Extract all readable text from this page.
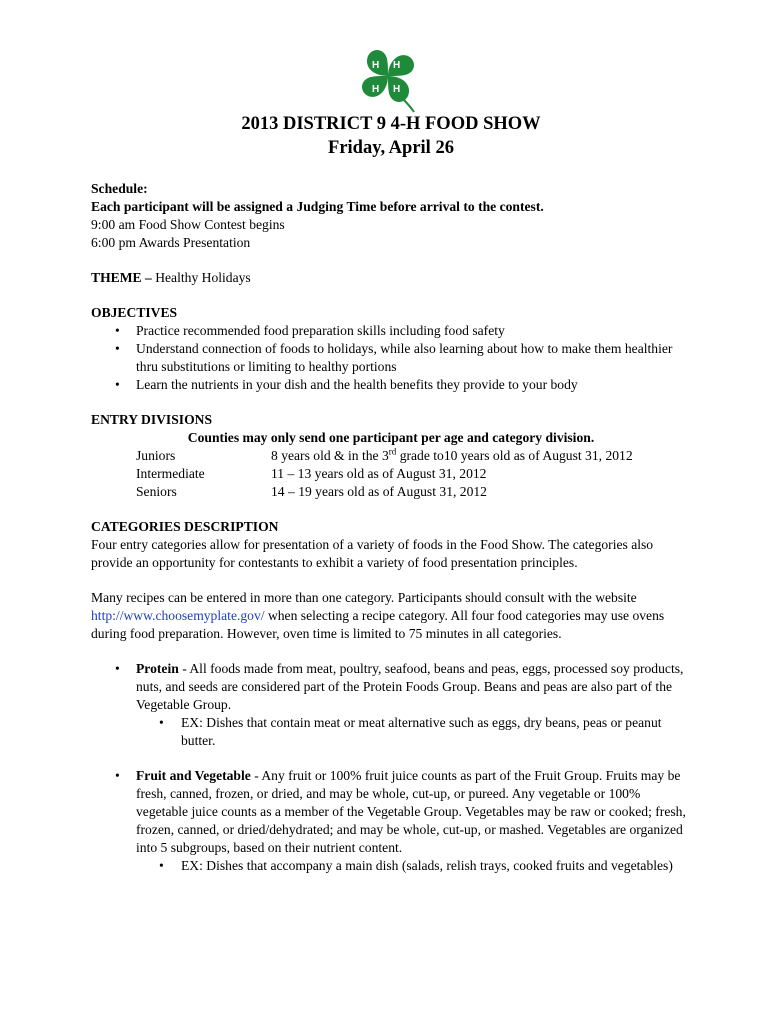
H H
H
H

2013 DISTRICT 9 4-H FOOD SHOW

Friday, April 26

Schedule:

Each participant will be assigned a Judging Time before arrival to the contest.

9:00 am Food Show Contest begins

6:00 pm Awards Presentation

THEME – Healthy Holidays

OBJECTIVES

• Practice recommended food preparation skills including food safety
• Understand connection of foods to holidays, while also learning about how to make them healthier thru substitutions or limiting to healthy portions
• Learn the nutrients in your dish and the health benefits they provide to your body

ENTRY DIVISIONS

Counties may only send one participant per age and category division.

Juniors	8 years old & in the 3rd grade to10 years old as of August 31, 2012
Intermediate	11 – 13 years old as of August 31, 2012
Seniors	14 – 19 years old as of August 31, 2012

CATEGORIES DESCRIPTION

Four entry categories allow for presentation of a variety of foods in the Food Show. The categories also provide an opportunity for contestants to exhibit a variety of food presentation principles.

Many recipes can be entered in more than one category. Participants should consult with the website http://www.choosemyplate.gov/ when selecting a recipe category. All four food categories may use ovens during food preparation. However, oven time is limited to 75 minutes in all categories.

• Protein - All foods made from meat, poultry, seafood, beans and peas, eggs, processed soy products, nuts, and seeds are considered part of the Protein Foods Group. Beans and peas are also part of the Vegetable Group.
• EX: Dishes that contain meat or meat alternative such as eggs, dry beans, peas or peanut butter.
• Fruit and Vegetable - Any fruit or 100% fruit juice counts as part of the Fruit Group. Fruits may be fresh, canned, frozen, or dried, and may be whole, cut-up, or pureed. Any vegetable or 100% vegetable juice counts as a member of the Vegetable Group. Vegetables may be raw or cooked; fresh, frozen, canned, or dried/dehydrated; and may be whole, cut-up, or mashed. Vegetables are organized into 5 subgroups, based on their nutrient content.
• EX: Dishes that accompany a main dish (salads, relish trays, cooked fruits and vegetables)
